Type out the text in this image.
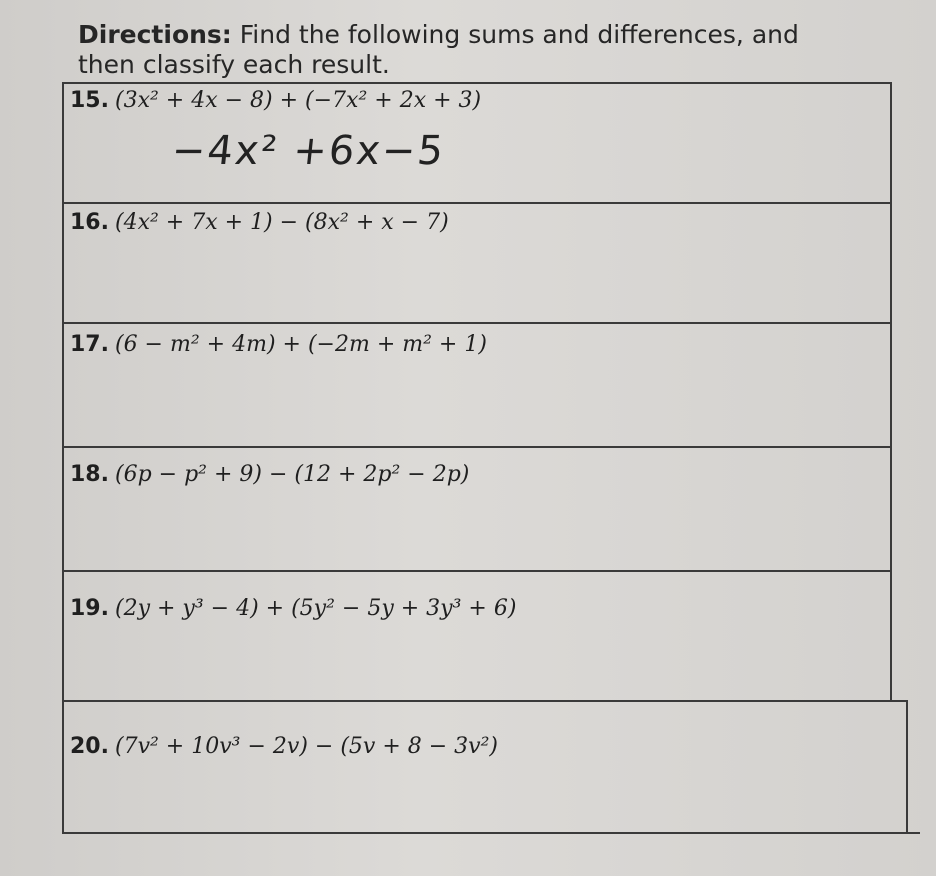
Directions: Find the following sums and differences, and then classify each result.
15. (3x² + 4x − 8) + (−7x² + 2x + 3)
16. (4x² + 7x + 1) − (8x² + x − 7)
17. (6 − m² + 4m) + (−2m + m² + 1)
18. (6p − p² + 9) − (12 + 2p² − 2p)
19. (2y + y³ − 4) + (5y² − 5y + 3y³ + 6)
20. (7v² + 10v³ − 2v) − (5v + 8 − 3v²)
−4x² +6x−5
